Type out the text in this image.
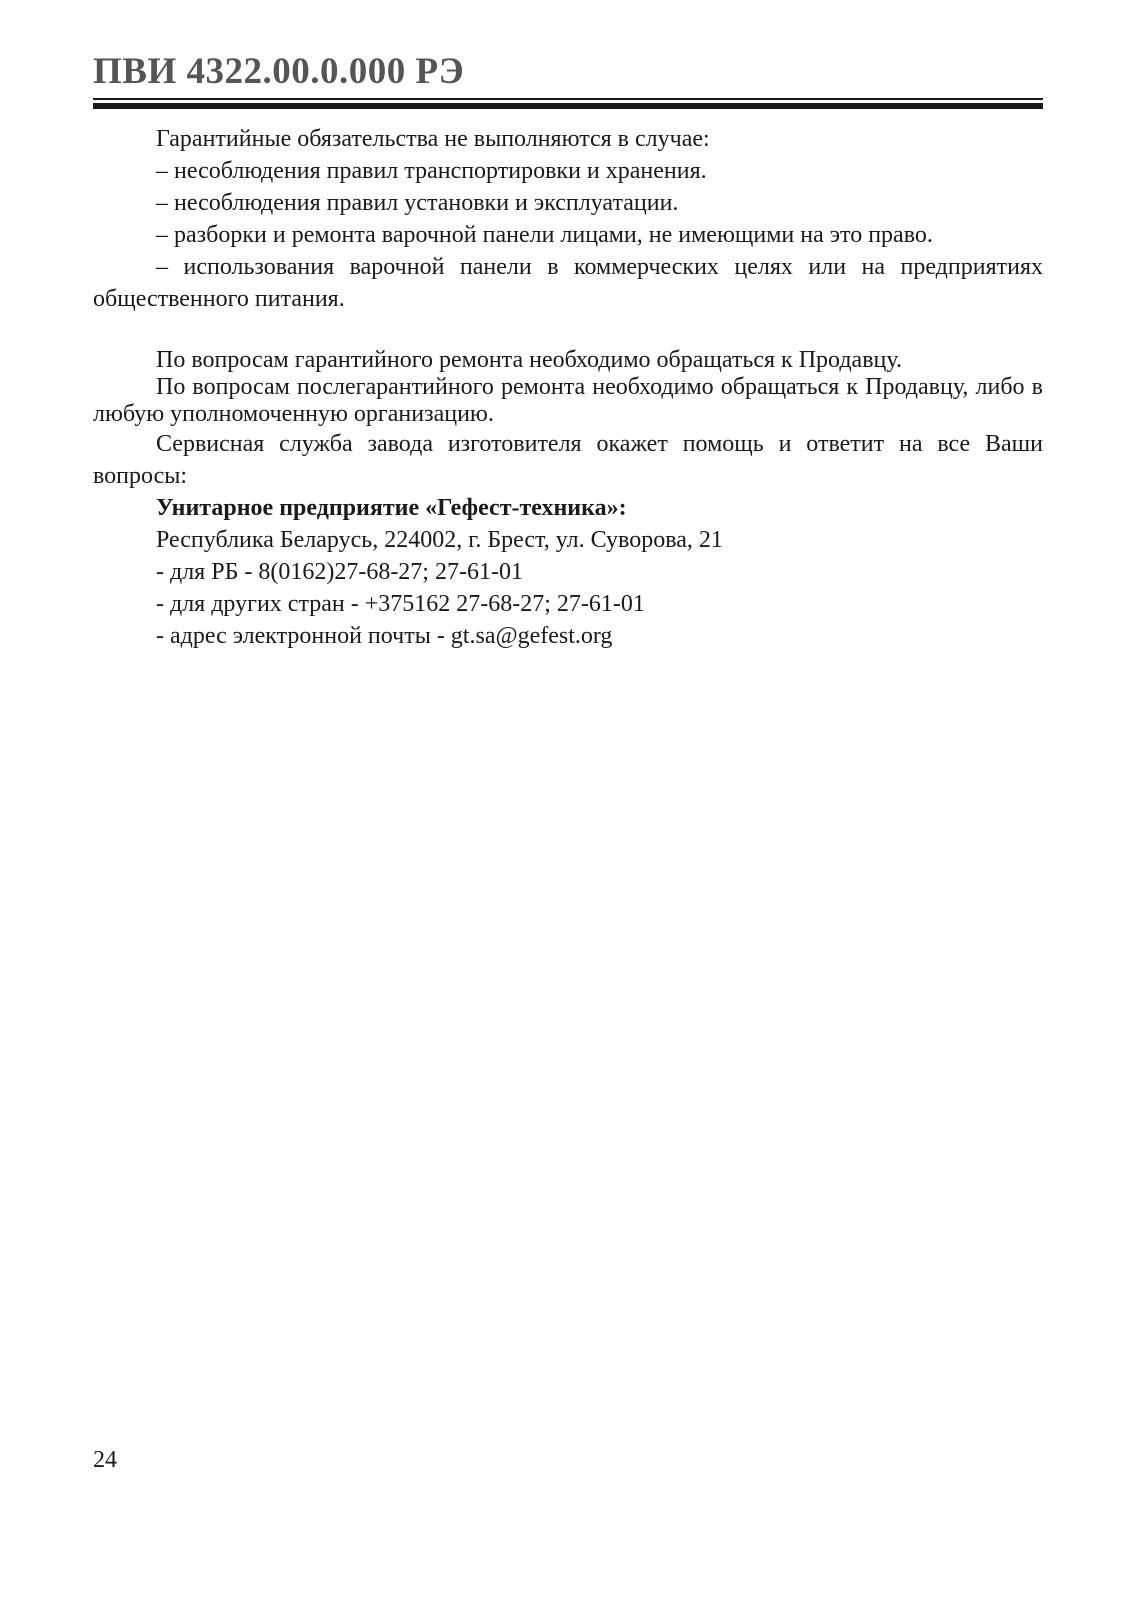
ПВИ 4322.00.0.000 РЭ

Гарантийные обязательства не выполняются в случае:

– несоблюдения правил транспортировки и хранения.

– несоблюдения правил установки и эксплуатации.

– разборки и ремонта варочной панели лицами, не имеющими на это право.

– использования варочной панели в коммерческих целях или на предприятиях общественного питания.

По вопросам гарантийного ремонта необходимо обращаться к Продавцу.

По вопросам послегарантийного ремонта необходимо обращаться к Продавцу, либо в любую уполномоченную организацию.

Сервисная служба завода изготовителя окажет помощь и ответит на все Ваши вопросы:

Унитарное предприятие «Гефест-техника»:

Республика Беларусь, 224002, г. Брест, ул. Суворова, 21

- для РБ - 8(0162)27-68-27; 27-61-01

- для других стран - +375162 27-68-27; 27-61-01

- адрес электронной почты - gt.sa@gefest.org

24
